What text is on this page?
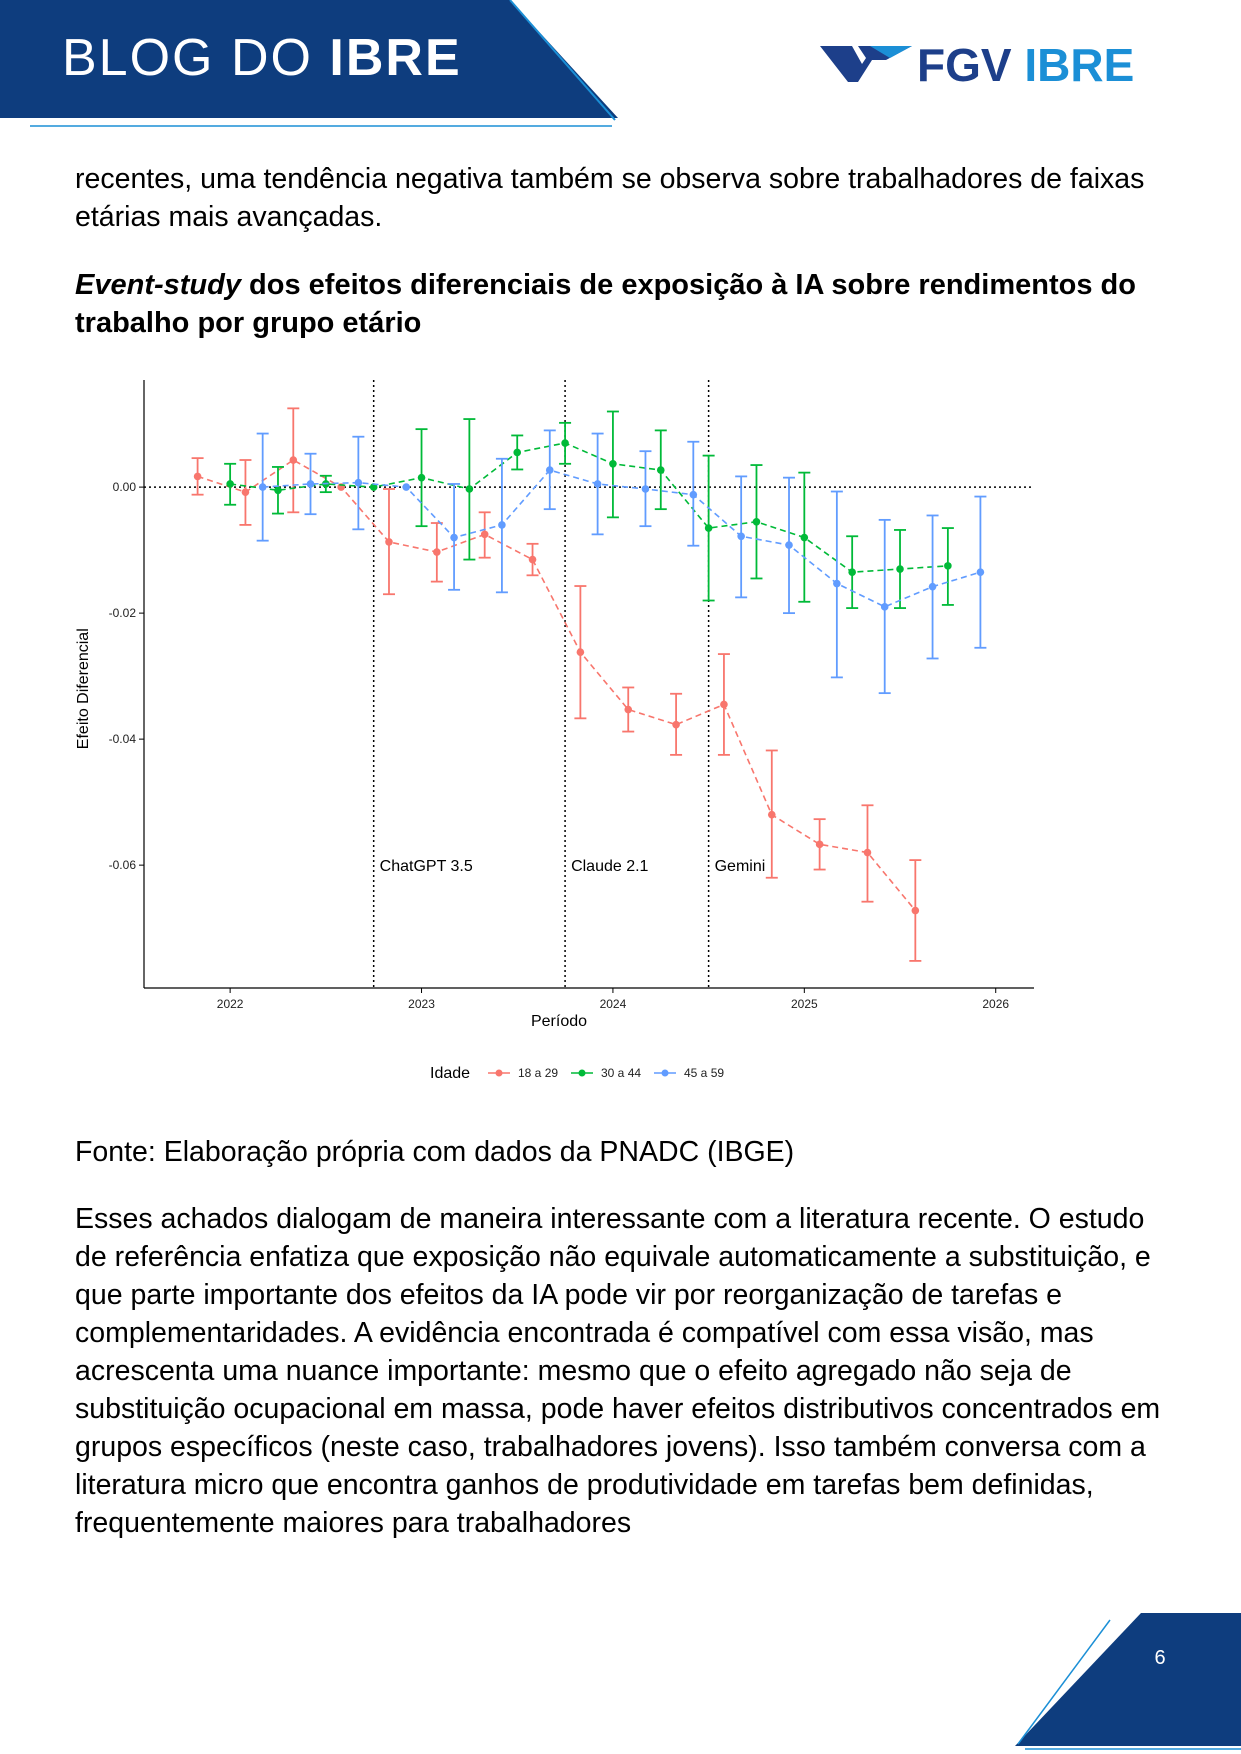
BLOG DO IBRE	FGV IBRE

recentes, uma tendência negativa também se observa sobre trabalhadores de faixas etárias mais avançadas.

Event-study dos efeitos diferenciais de exposição à IA sobre rendimentos do trabalho por grupo etário

0.00
-0.02
-0.04
-0.06
2022	2023	2024	2025	2026
Período
Efeito Diferencial
ChatGPT 3.5	Claude 2.1	Gemini
Idade	18 a 29	30 a 44	45 a 59

Fonte: Elaboração própria com dados da PNADC (IBGE)

Esses achados dialogam de maneira interessante com a literatura recente. O estudo de referência enfatiza que exposição não equivale automaticamente a substituição, e que parte importante dos efeitos da IA pode vir por reorganização de tarefas e complementaridades. A evidência encontrada é compatível com essa visão, mas acrescenta uma nuance importante: mesmo que o efeito agregado não seja de substituição ocupacional em massa, pode haver efeitos distributivos concentrados em grupos específicos (neste caso, trabalhadores jovens). Isso também conversa com a literatura micro que encontra ganhos de produtividade em tarefas bem definidas, frequentemente maiores para trabalhadores

6
